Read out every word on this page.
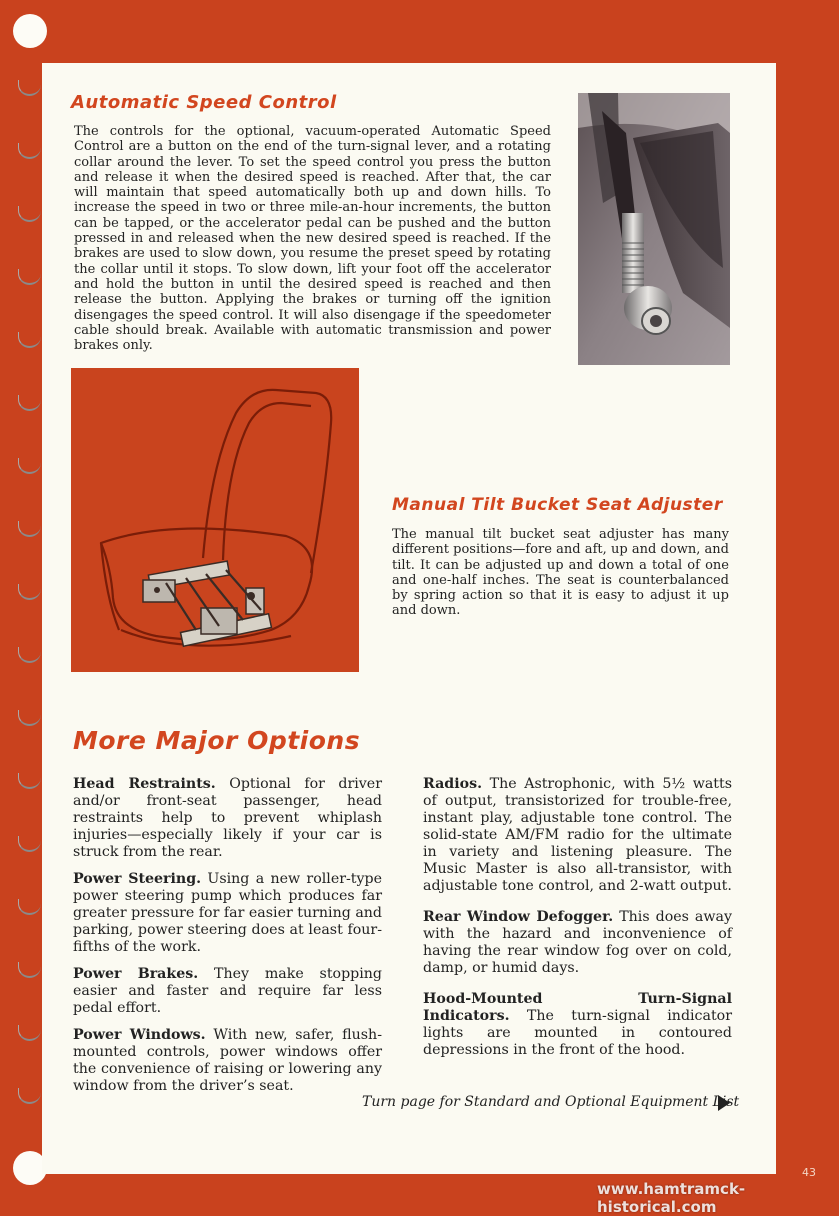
Automatic Speed Control

The controls for the optional, vacuum-operated Automatic Speed Control are a button on the end of the turn-signal lever, and a rotating collar around the lever. To set the speed control you press the button and release it when the desired speed is reached. After that, the car will maintain that speed automatically both up and down hills. To increase the speed in two or three mile-an-hour increments, the button can be tapped, or the accelerator pedal can be pushed and the button pressed in and released when the new desired speed is reached. If the brakes are used to slow down, you resume the preset speed by rotating the collar until it stops. To slow down, lift your foot off the accelerator and hold the button in until the desired speed is reached and then release the button. Applying the brakes or turning off the ignition disengages the speed control. It will also disengage if the speedometer cable should break. Available with automatic transmission and power brakes only.

Manual Tilt Bucket Seat Adjuster

The manual tilt bucket seat adjuster has many different positions—fore and aft, up and down, and tilt. It can be adjusted up and down a total of one and one-half inches. The seat is counterbalanced by spring action so that it is easy to adjust it up and down.

More Major Options

Head Restraints. Optional for driver and/or front-seat passenger, head restraints help to prevent whiplash injuries—especially likely if your car is struck from the rear.

Power Steering. Using a new roller-type power steering pump which produces far greater pressure for far easier turning and parking, power steering does at least four-fifths of the work.

Power Brakes. They make stopping easier and faster and require far less pedal effort.

Power Windows. With new, safer, flush-mounted controls, power windows offer the convenience of raising or lowering any window from the driver’s seat.

Radios. The Astrophonic, with 5½ watts of output, transistorized for trouble-free, instant play, adjustable tone control. The solid-state AM/FM radio for the ultimate in variety and listening pleasure. The Music Master is also all-transistor, with adjustable tone control, and 2-watt output.

Rear Window Defogger. This does away with the hazard and inconvenience of having the rear window fog over on cold, damp, or humid days.

Hood-Mounted Turn-Signal Indicators. The turn-signal indicator lights are mounted in contoured depressions in the front of the hood.

Turn page for Standard and Optional Equipment List
43
www.hamtramck-historical.com
